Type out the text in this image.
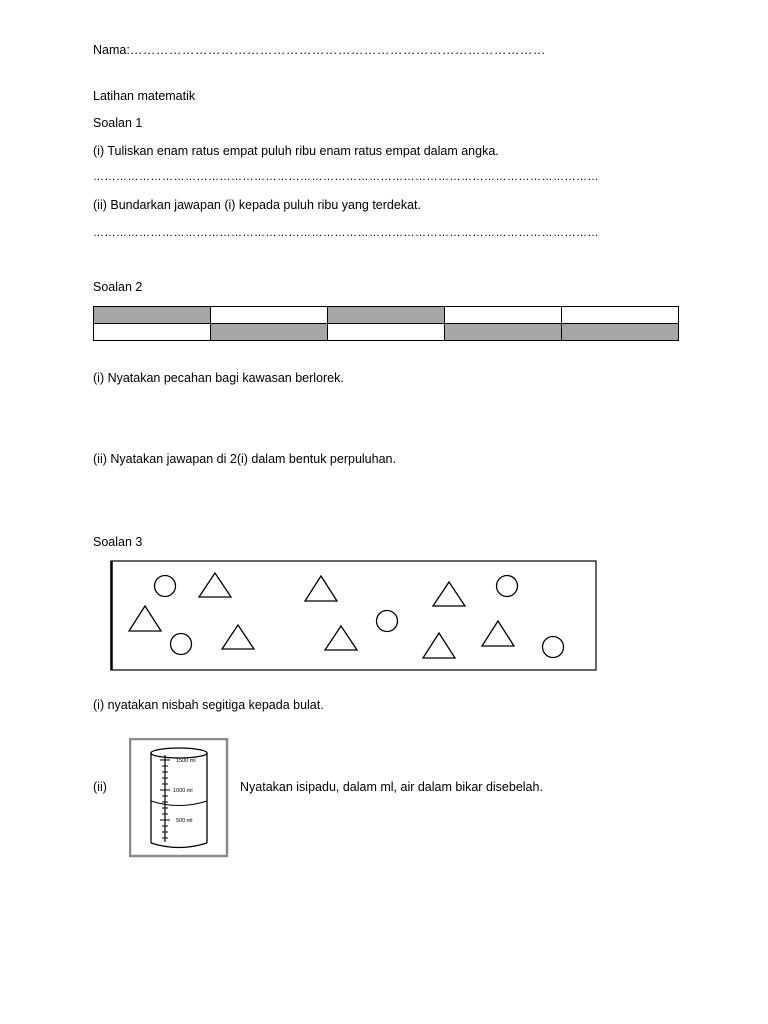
Nama:……………………………………………………………………………………
Latihan matematik
Soalan 1
(i) Tuliskan enam ratus empat puluh ribu enam ratus empat dalam angka.
……………………………………………………………………………………………………………………
(ii) Bundarkan jawapan (i) kepada puluh ribu yang terdekat.
……………………………………………………………………………………………………………………
Soalan 2

(i) Nyatakan pecahan bagi kawasan berlorek.
(ii) Nyatakan jawapan di 2(i) dalam bentuk perpuluhan.
Soalan 3
(i) nyatakan nisbah segitiga kepada bulat.
(ii)
1500 ml
1000 ml
500 ml
Nyatakan isipadu, dalam ml, air dalam bikar disebelah.
